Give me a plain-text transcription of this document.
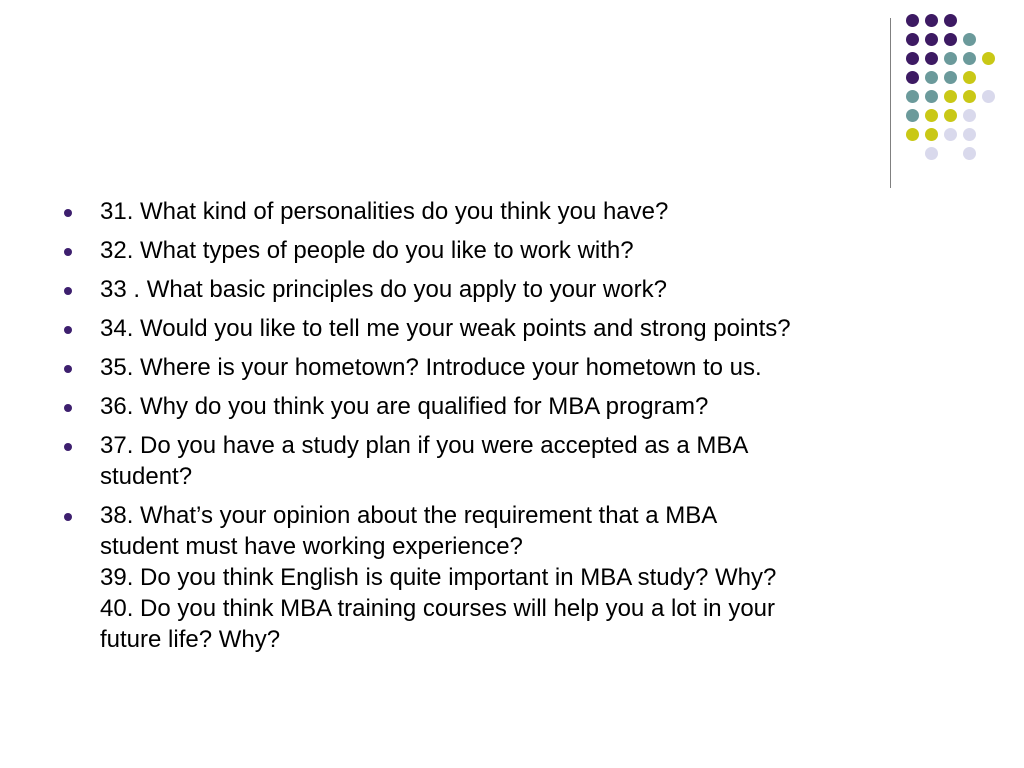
31. What kind of personalities do you think you have?
32. What types of people do you like to work with?
33 . What basic principles do you apply to your work?
34. Would you like to tell me your weak points and strong points?
35. Where is your hometown? Introduce your hometown to us.
36. Why do you think you are qualified for MBA program?
37. Do you have a study plan if you were accepted as a MBA
student?
38. What’s your opinion about the requirement that a MBA
student must have working experience?
39. Do you think English is quite important in MBA study? Why?
40. Do you think MBA training courses will help you a lot in your
future life? Why?
